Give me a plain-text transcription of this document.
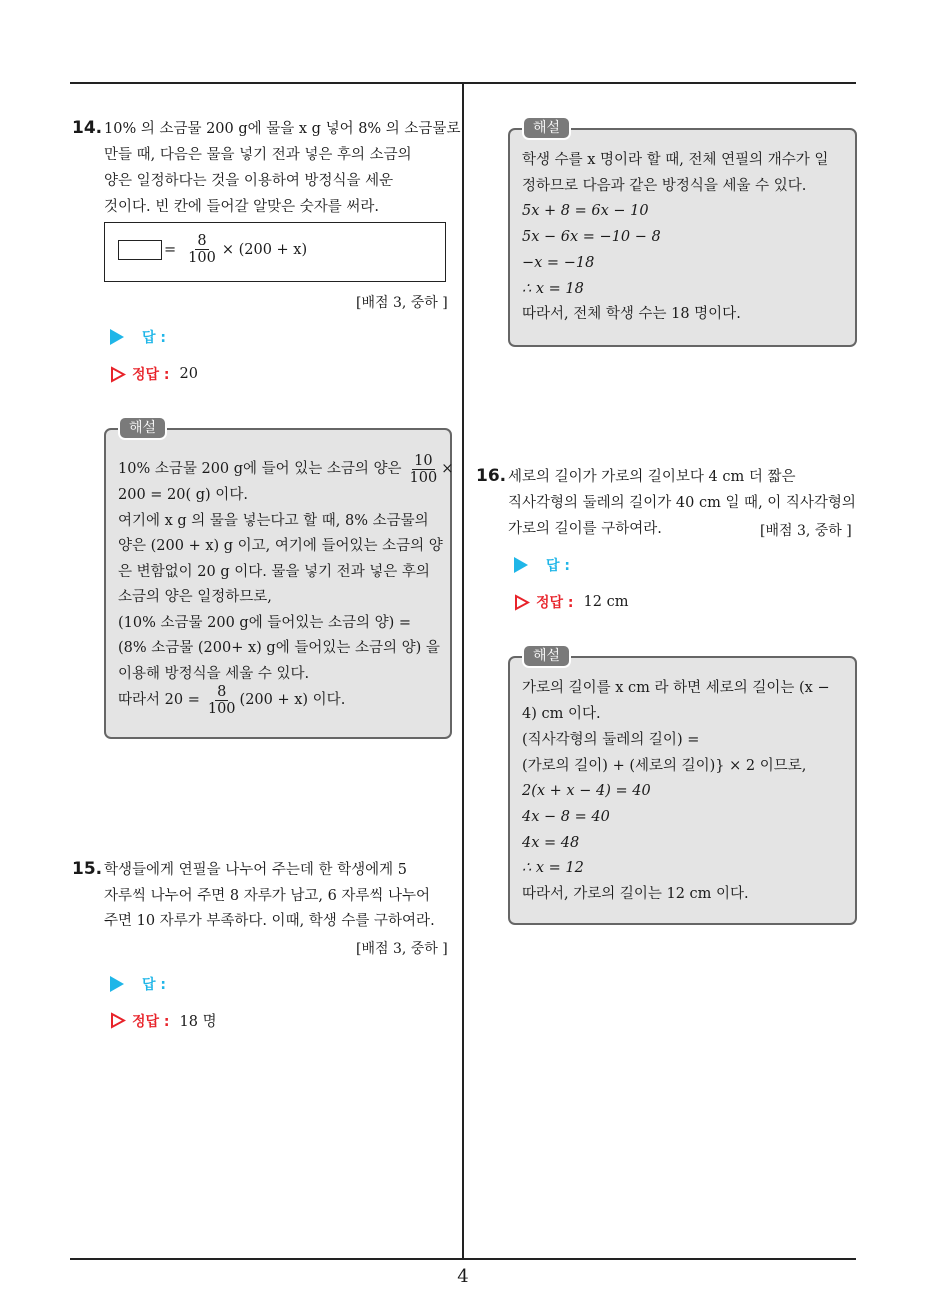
4
14. 10% 의 소금물 200 g에 물을 x g 넣어 8% 의 소금물로
만들 때, 다음은 물을 넣기 전과 넣은 후의 소금의
양은 일정하다는 것을 이용하여 방정식을 세운
것이다. 빈 칸에 들어갈 알맞은 숫자를 써라.
= $\frac{8}{100} \times (200 + x)$
[배점 3, 중하 ]
답 :
정답 : 20
해설
10% 소금물 200 g에 들어 있는 소금의 양은 $\frac{10}{100}$ ×
200 = 20( g) 이다.
여기에 x g 의 물을 넣는다고 할 때, 8% 소금물의
양은 (200 + x) g 이고, 여기에 들어있는 소금의 양
은 변함없이 20 g 이다. 물을 넣기 전과 넣은 후의
소금의 양은 일정하므로,
(10% 소금물 200 g에 들어있는 소금의 양) =
(8% 소금물 (200+ x) g에 들어있는 소금의 양) 을
이용해 방정식을 세울 수 있다.
따라서 $20 = \frac{8}{100} (200 + x)$ 이다.
15. 학생들에게 연필을 나누어 주는데 한 학생에게 5
자루씩 나누어 주면 8 자루가 남고, 6 자루씩 나누어
주면 10 자루가 부족하다. 이때, 학생 수를 구하여라.
[배점 3, 중하 ]
답 :
정답 : 18 명
해설
학생 수를 x 명이라 할 때, 전체 연필의 개수가 일
정하므로 다음과 같은 방정식을 세울 수 있다.
5x + 8 = 6x − 10
5x − 6x = −10 − 8
−x = −18
∴ x = 18
따라서, 전체 학생 수는 18 명이다.
16. 세로의 길이가 가로의 길이보다 4 cm 더 짧은
직사각형의 둘레의 길이가 40 cm 일 때, 이 직사각형의
가로의 길이를 구하여라.	[배점 3, 중하 ]
답 :
정답 : 12 cm
해설
가로의 길이를 x cm 라 하면 세로의 길이는 (x −
4) cm 이다.
(직사각형의 둘레의 길이) =
(가로의 길이) + (세로의 길이)} × 2 이므로,
2(x + x − 4) = 40
4x − 8 = 40
4x = 48
∴ x = 12
따라서, 가로의 길이는 12 cm 이다.
